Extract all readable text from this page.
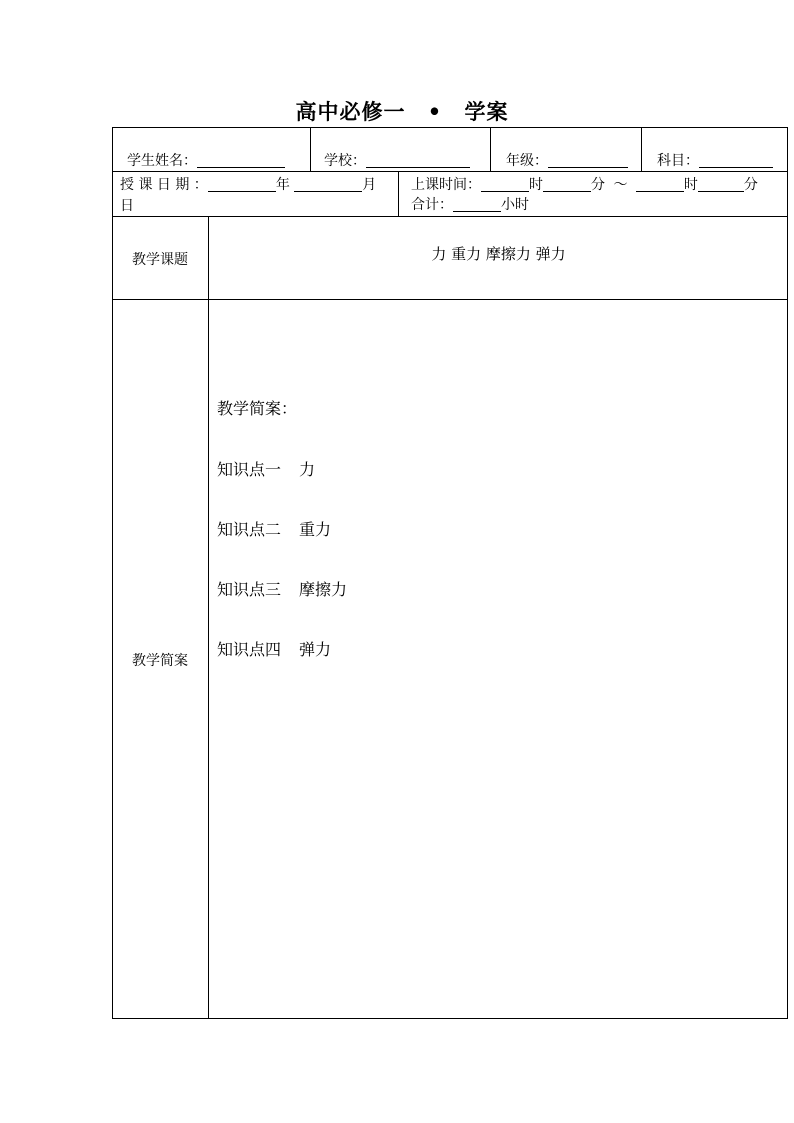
高中必修一 • 学案
学生姓名：	学校：	年级：	科目：
授 课 日 期 ：	年	月
日
上课时间：	时	分 ～	时	分
合计：	小时
教学课题	力 重力 摩擦力 弹力
教学简案
教学简案：
知识点一 力
知识点二 重力
知识点三 摩擦力
知识点四 弹力
